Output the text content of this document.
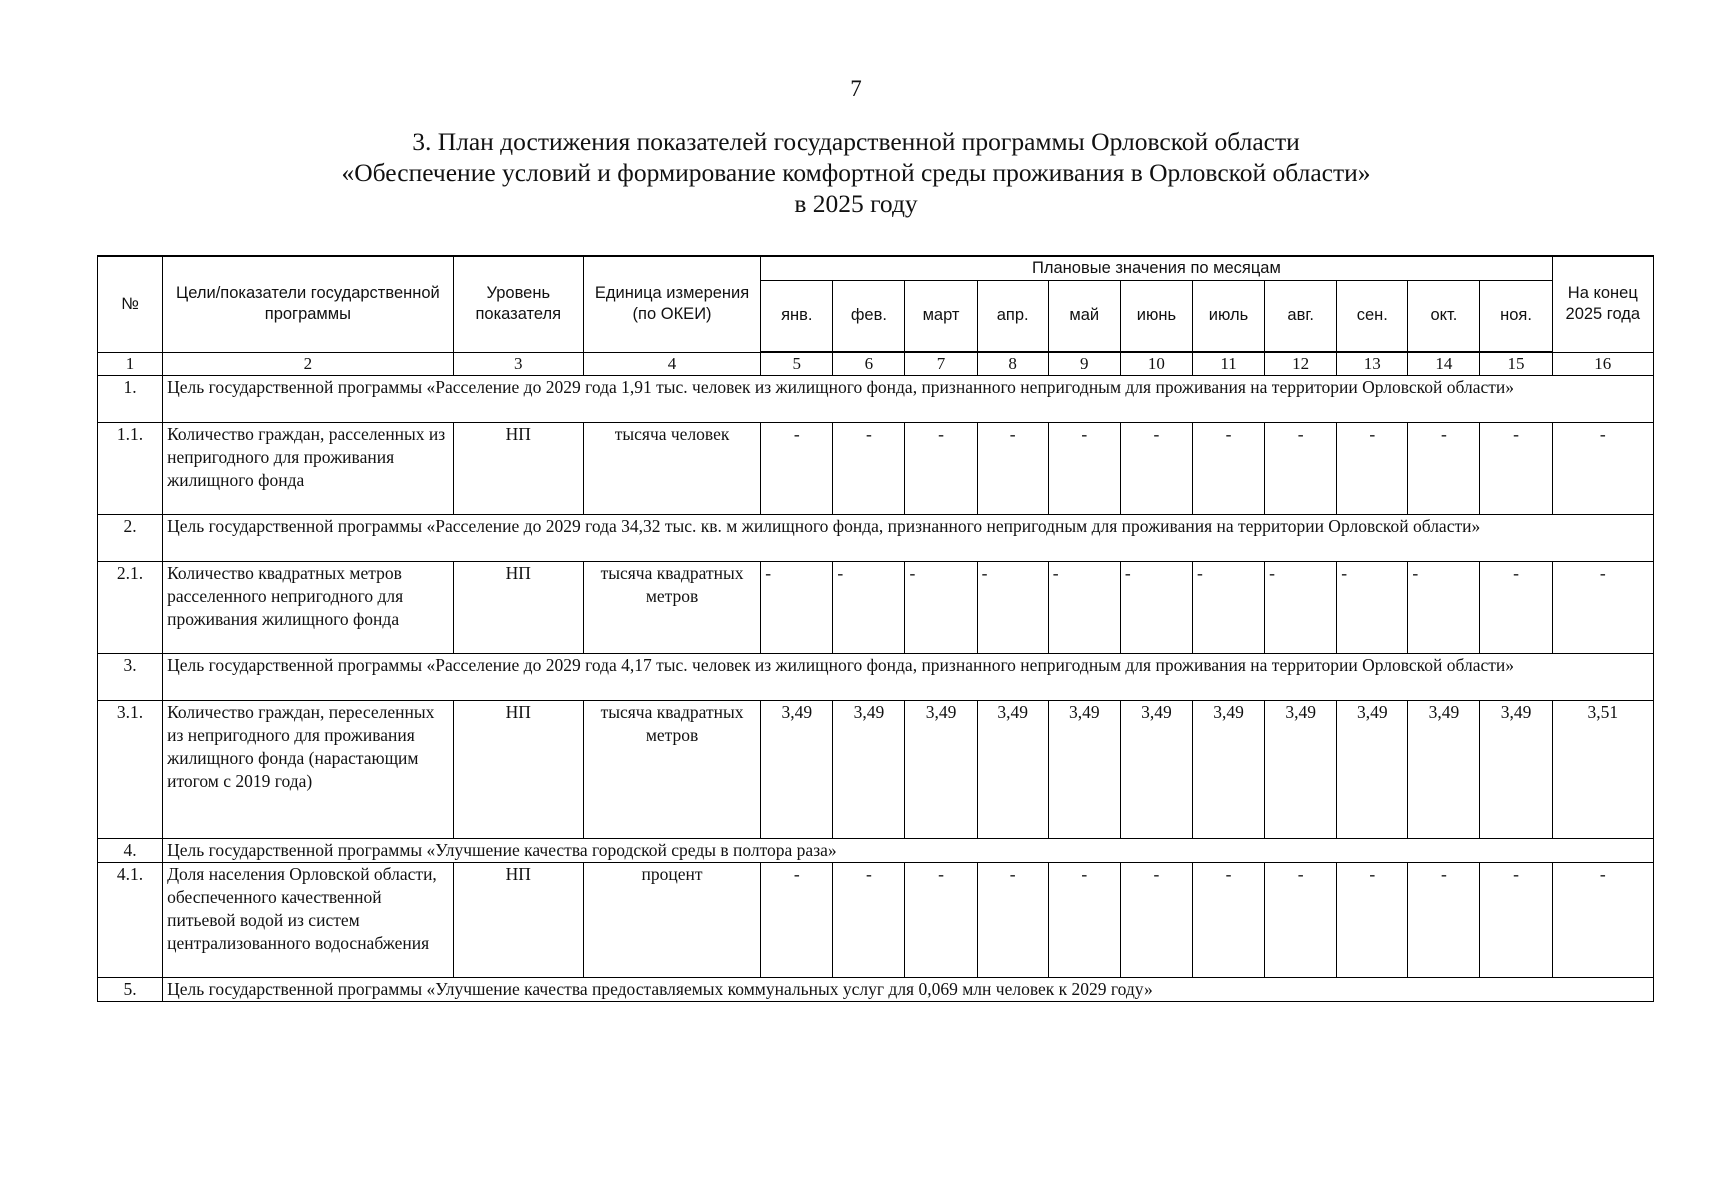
7
3. План достижения показателей государственной программы Орловской области
«Обеспечение условий и формирование комфортной среды проживания в Орловской области»
в 2025 году
№	Цели/показатели государственной программы	Уровень показателя	Единица измерения (по ОКЕИ)	Плановые значения по месяцам											На конец 2025 года
				янв.	фев.	март	апр.	май	июнь	июль	авг.	сен.	окт.	ноя.	
1	2	3	4	5	6	7	8	9	10	11	12	13	14	15	16
1.	Цель государственной программы «Расселение до 2029 года 1,91 тыс. человек из жилищного фонда, признанного непригодным для проживания на территории Орловской области»														
1.1.	Количество граждан, расселенных из непригодного для проживания жилищного фонда	НП	тысяча человек	-	-	-	-	-	-	-	-	-	-	-	-
2.	Цель государственной программы «Расселение до 2029 года 34,32 тыс. кв. м жилищного фонда, признанного непригодным для проживания на территории Орловской области»														
2.1.	Количество квадратных метров расселенного непригодного для проживания жилищного фонда	НП	тысяча квадратных метров	-	-	-	-	-	-	-	-	-	-	-	-
3.	Цель государственной программы «Расселение до 2029 года 4,17 тыс. человек из жилищного фонда, признанного непригодным для проживания на территории Орловской области»														
3.1.	Количество граждан, переселенных из непригодного для проживания жилищного фонда (нарастающим итогом с 2019 года)	НП	тысяча квадратных метров	3,49	3,49	3,49	3,49	3,49	3,49	3,49	3,49	3,49	3,49	3,49	3,51
4.	Цель государственной программы «Улучшение качества городской среды в полтора раза»														
4.1.	Доля населения Орловской области, обеспеченного качественной питьевой водой из систем централизованного водоснабжения	НП	процент	-	-	-	-	-	-	-	-	-	-	-	-
5.	Цель государственной программы «Улучшение качества предоставляемых коммунальных услуг для 0,069 млн человек к 2029 году»														
